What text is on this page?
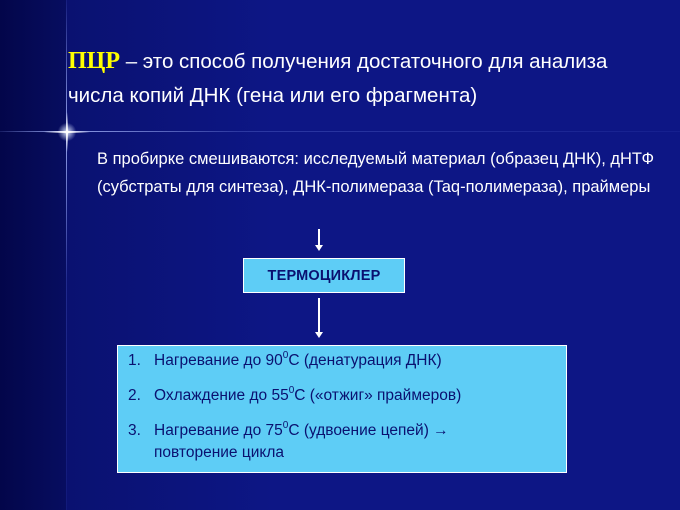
ПЦР – это способ получения достаточного для анализа числа копий ДНК (гена или его фрагмента)
В пробирке смешиваются: исследуемый материал (образец ДНК), дНТФ (субстраты для синтеза), ДНК-полимераза (Taq-полимераза), праймеры
ТЕРМОЦИКЛЕР
1. Нагревание до $90^0С$ (денатурация ДНК)
2. Охлаждение до $55^0С$ («отжиг» праймеров)
3. Нагревание до $75^0С$ (удвоение цепей) →
повторение цикла
